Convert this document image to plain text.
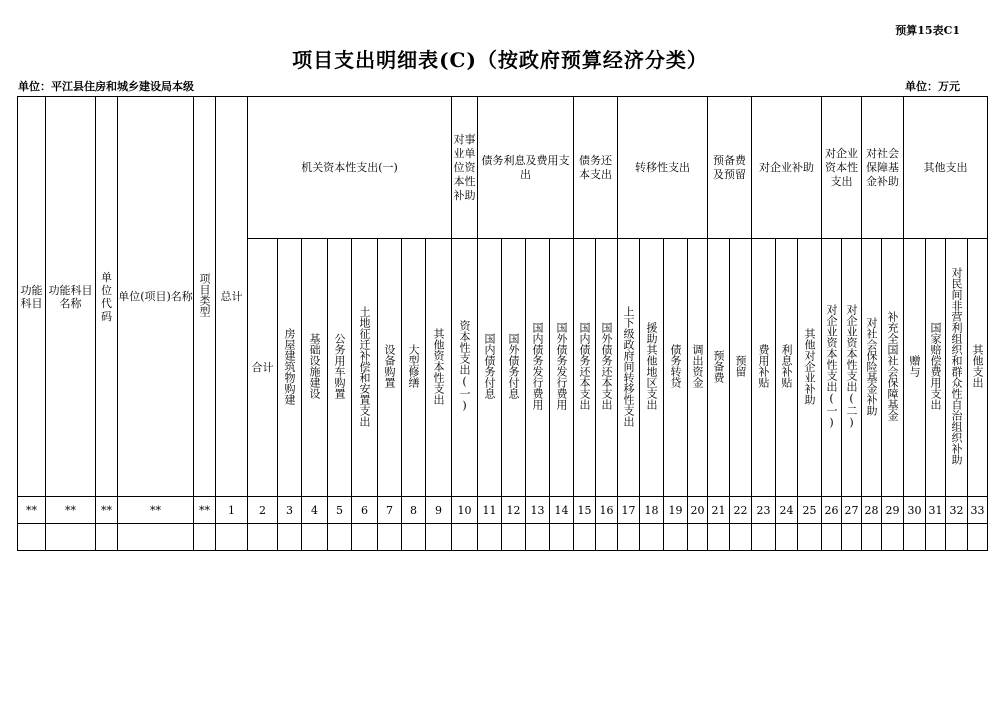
预算15表C1
项目支出明细表(C)（按政府预算经济分类）
单位：平江县住房和城乡建设局本级	单位：万元
功能科目	功能科目名称	单位代码	单位(项目)名称	项目类型	总计	机关资本性支出(一)								对事业单位资本性补助	债务利息及费用支出				债务还本支出		转移性支出				预备费及预留		对企业补助			对企业资本性支出		对社会保障基金补助		其他支出			
						合计	房屋建筑物购建	基础设施建设	公务用车购置	土地征迁补偿和安置支出	设备购置	大型修缮	其他资本性支出	资本性支出(一)	国内债务付息	国外债务付息	国内债务发行费用	国外债务发行费用	国内债务还本支出	国外债务还本支出	上下级政府间转移性支出	援助其他地区支出	债务转贷	调出资金	预备费	预留	费用补贴	利息补贴	其他对企业补助	对企业资本性支出(一)	对企业资本性支出(二)	对社会保险基金补助	补充全国社会保障基金	赠与	国家赔偿费用支出	对民间非营利组织和群众性自治组织补助	其他支出
**	**	**	**	**	1	2	3	4	5	6	7	8	9	10	11	12	13	14	15	16	17	18	19	20	21	22	23	24	25	26	27	28	29	30	31	32	33
